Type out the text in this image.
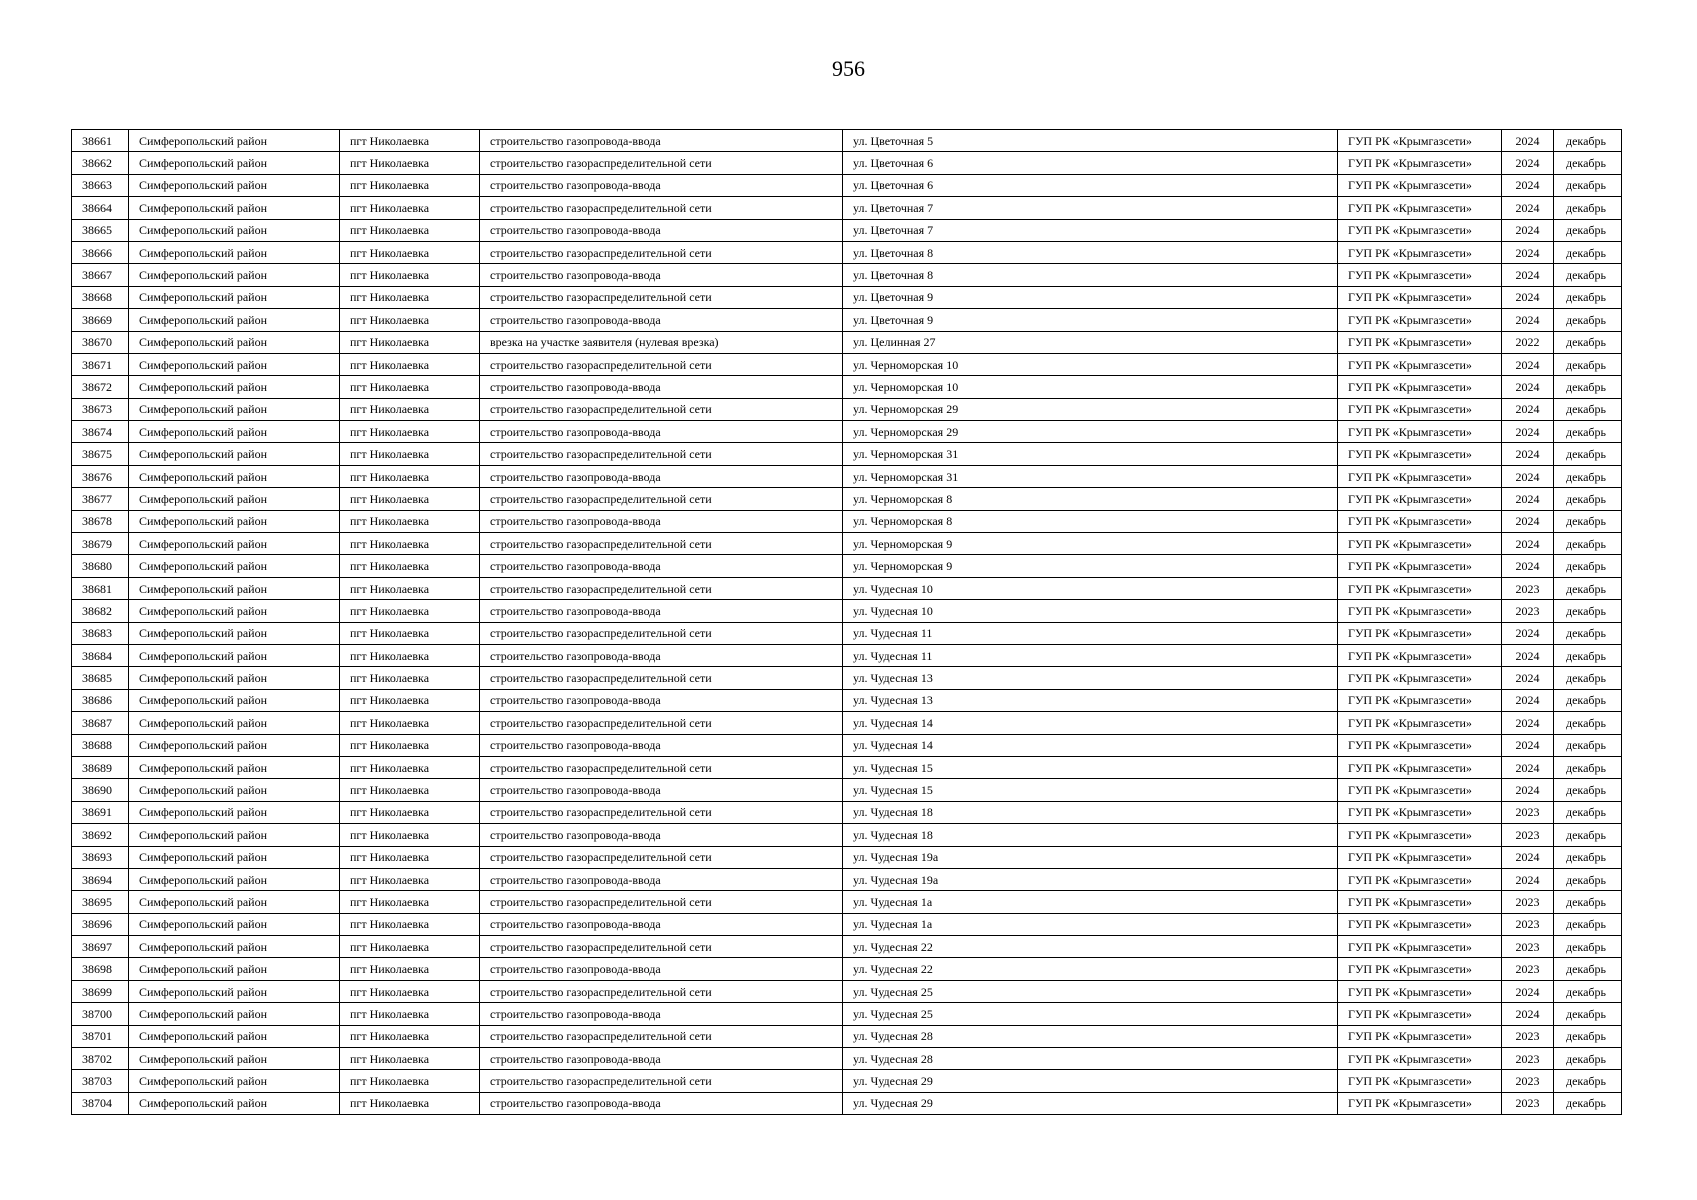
956
38661	Симферопольский район	пгт Николаевка	строительство газопровода-ввода	ул. Цветочная 5	ГУП РК «Крымгазсети»	2024	декабрь
38662	Симферопольский район	пгт Николаевка	строительство газораспределительной сети	ул. Цветочная 6	ГУП РК «Крымгазсети»	2024	декабрь
38663	Симферопольский район	пгт Николаевка	строительство газопровода-ввода	ул. Цветочная 6	ГУП РК «Крымгазсети»	2024	декабрь
38664	Симферопольский район	пгт Николаевка	строительство газораспределительной сети	ул. Цветочная 7	ГУП РК «Крымгазсети»	2024	декабрь
38665	Симферопольский район	пгт Николаевка	строительство газопровода-ввода	ул. Цветочная 7	ГУП РК «Крымгазсети»	2024	декабрь
38666	Симферопольский район	пгт Николаевка	строительство газораспределительной сети	ул. Цветочная 8	ГУП РК «Крымгазсети»	2024	декабрь
38667	Симферопольский район	пгт Николаевка	строительство газопровода-ввода	ул. Цветочная 8	ГУП РК «Крымгазсети»	2024	декабрь
38668	Симферопольский район	пгт Николаевка	строительство газораспределительной сети	ул. Цветочная 9	ГУП РК «Крымгазсети»	2024	декабрь
38669	Симферопольский район	пгт Николаевка	строительство газопровода-ввода	ул. Цветочная 9	ГУП РК «Крымгазсети»	2024	декабрь
38670	Симферопольский район	пгт Николаевка	врезка на участке заявителя (нулевая врезка)	ул. Целинная 27	ГУП РК «Крымгазсети»	2022	декабрь
38671	Симферопольский район	пгт Николаевка	строительство газораспределительной сети	ул. Черноморская 10	ГУП РК «Крымгазсети»	2024	декабрь
38672	Симферопольский район	пгт Николаевка	строительство газопровода-ввода	ул. Черноморская 10	ГУП РК «Крымгазсети»	2024	декабрь
38673	Симферопольский район	пгт Николаевка	строительство газораспределительной сети	ул. Черноморская 29	ГУП РК «Крымгазсети»	2024	декабрь
38674	Симферопольский район	пгт Николаевка	строительство газопровода-ввода	ул. Черноморская 29	ГУП РК «Крымгазсети»	2024	декабрь
38675	Симферопольский район	пгт Николаевка	строительство газораспределительной сети	ул. Черноморская 31	ГУП РК «Крымгазсети»	2024	декабрь
38676	Симферопольский район	пгт Николаевка	строительство газопровода-ввода	ул. Черноморская 31	ГУП РК «Крымгазсети»	2024	декабрь
38677	Симферопольский район	пгт Николаевка	строительство газораспределительной сети	ул. Черноморская 8	ГУП РК «Крымгазсети»	2024	декабрь
38678	Симферопольский район	пгт Николаевка	строительство газопровода-ввода	ул. Черноморская 8	ГУП РК «Крымгазсети»	2024	декабрь
38679	Симферопольский район	пгт Николаевка	строительство газораспределительной сети	ул. Черноморская 9	ГУП РК «Крымгазсети»	2024	декабрь
38680	Симферопольский район	пгт Николаевка	строительство газопровода-ввода	ул. Черноморская 9	ГУП РК «Крымгазсети»	2024	декабрь
38681	Симферопольский район	пгт Николаевка	строительство газораспределительной сети	ул. Чудесная 10	ГУП РК «Крымгазсети»	2023	декабрь
38682	Симферопольский район	пгт Николаевка	строительство газопровода-ввода	ул. Чудесная 10	ГУП РК «Крымгазсети»	2023	декабрь
38683	Симферопольский район	пгт Николаевка	строительство газораспределительной сети	ул. Чудесная 11	ГУП РК «Крымгазсети»	2024	декабрь
38684	Симферопольский район	пгт Николаевка	строительство газопровода-ввода	ул. Чудесная 11	ГУП РК «Крымгазсети»	2024	декабрь
38685	Симферопольский район	пгт Николаевка	строительство газораспределительной сети	ул. Чудесная 13	ГУП РК «Крымгазсети»	2024	декабрь
38686	Симферопольский район	пгт Николаевка	строительство газопровода-ввода	ул. Чудесная 13	ГУП РК «Крымгазсети»	2024	декабрь
38687	Симферопольский район	пгт Николаевка	строительство газораспределительной сети	ул. Чудесная 14	ГУП РК «Крымгазсети»	2024	декабрь
38688	Симферопольский район	пгт Николаевка	строительство газопровода-ввода	ул. Чудесная 14	ГУП РК «Крымгазсети»	2024	декабрь
38689	Симферопольский район	пгт Николаевка	строительство газораспределительной сети	ул. Чудесная 15	ГУП РК «Крымгазсети»	2024	декабрь
38690	Симферопольский район	пгт Николаевка	строительство газопровода-ввода	ул. Чудесная 15	ГУП РК «Крымгазсети»	2024	декабрь
38691	Симферопольский район	пгт Николаевка	строительство газораспределительной сети	ул. Чудесная 18	ГУП РК «Крымгазсети»	2023	декабрь
38692	Симферопольский район	пгт Николаевка	строительство газопровода-ввода	ул. Чудесная 18	ГУП РК «Крымгазсети»	2023	декабрь
38693	Симферопольский район	пгт Николаевка	строительство газораспределительной сети	ул. Чудесная 19а	ГУП РК «Крымгазсети»	2024	декабрь
38694	Симферопольский район	пгт Николаевка	строительство газопровода-ввода	ул. Чудесная 19а	ГУП РК «Крымгазсети»	2024	декабрь
38695	Симферопольский район	пгт Николаевка	строительство газораспределительной сети	ул. Чудесная 1а	ГУП РК «Крымгазсети»	2023	декабрь
38696	Симферопольский район	пгт Николаевка	строительство газопровода-ввода	ул. Чудесная 1а	ГУП РК «Крымгазсети»	2023	декабрь
38697	Симферопольский район	пгт Николаевка	строительство газораспределительной сети	ул. Чудесная 22	ГУП РК «Крымгазсети»	2023	декабрь
38698	Симферопольский район	пгт Николаевка	строительство газопровода-ввода	ул. Чудесная 22	ГУП РК «Крымгазсети»	2023	декабрь
38699	Симферопольский район	пгт Николаевка	строительство газораспределительной сети	ул. Чудесная 25	ГУП РК «Крымгазсети»	2024	декабрь
38700	Симферопольский район	пгт Николаевка	строительство газопровода-ввода	ул. Чудесная 25	ГУП РК «Крымгазсети»	2024	декабрь
38701	Симферопольский район	пгт Николаевка	строительство газораспределительной сети	ул. Чудесная 28	ГУП РК «Крымгазсети»	2023	декабрь
38702	Симферопольский район	пгт Николаевка	строительство газопровода-ввода	ул. Чудесная 28	ГУП РК «Крымгазсети»	2023	декабрь
38703	Симферопольский район	пгт Николаевка	строительство газораспределительной сети	ул. Чудесная 29	ГУП РК «Крымгазсети»	2023	декабрь
38704	Симферопольский район	пгт Николаевка	строительство газопровода-ввода	ул. Чудесная 29	ГУП РК «Крымгазсети»	2023	декабрь
